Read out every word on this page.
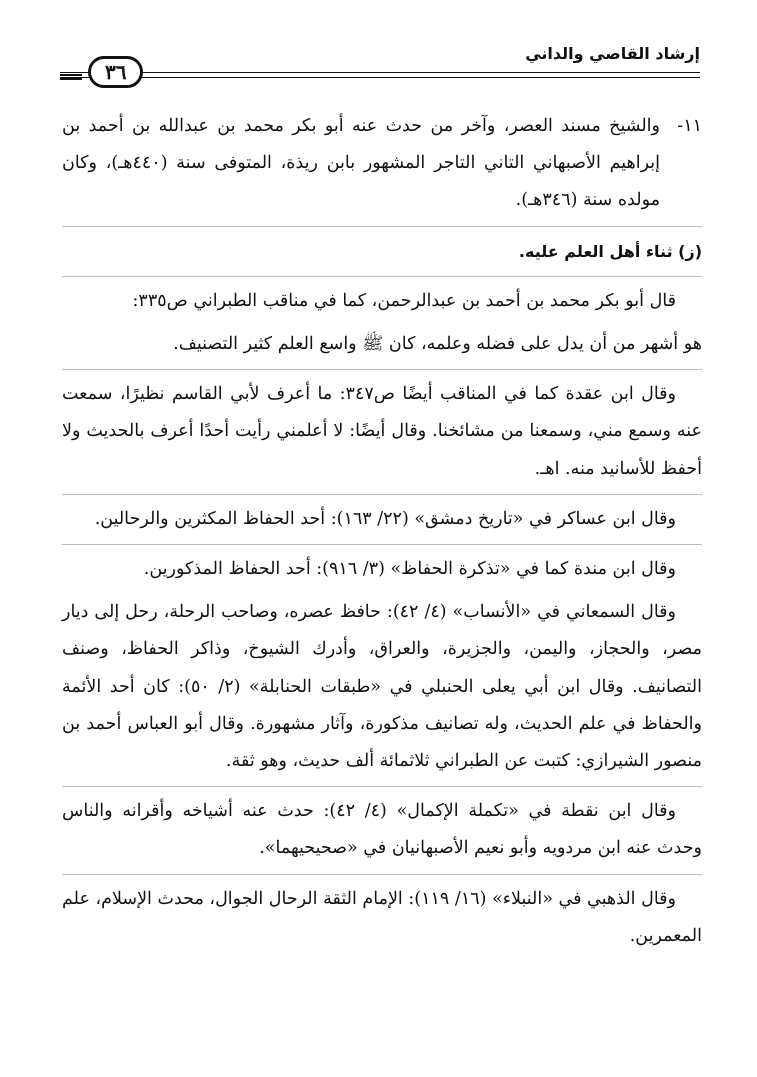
إرشاد القاصي والداني
٣٦

١١-والشيخ مسند العصر، وآخر من حدث عنه أبو بكر محمد بن عبدالله بن أحمد بن إبراهيم الأصبهاني التاني التاجر المشهور بابن ريذة، المتوفى سنة (٤٤٠هـ)، وكان مولده سنة (٣٤٦هـ).

(ز) ثناء أهل العلم عليه.

قال أبو بكر محمد بن أحمد بن عبدالرحمن، كما في مناقب الطبراني ص٣٣٥:

هو أشهر من أن يدل على فضله وعلمه، كان ﷺ واسع العلم كثير التصنيف.

وقال ابن عقدة كما في المناقب أيضًا ص٣٤٧: ما أعرف لأبي القاسم نظيرًا، سمعت عنه وسمع مني، وسمعنا من مشائخنا. وقال أيضًا: لا أعلمني رأيت أحدًا أعرف بالحديث ولا أحفظ للأسانيد منه. اهـ.

وقال ابن عساكر في «تاريخ دمشق» (٢٢/ ١٦٣): أحد الحفاظ المكثرين والرحالين.

وقال ابن مندة كما في «تذكرة الحفاظ» (٣/ ٩١٦): أحد الحفاظ المذكورين.

وقال السمعاني في «الأنساب» (٤/ ٤٢): حافظ عصره، وصاحب الرحلة، رحل إلى ديار مصر، والحجاز، واليمن، والجزيرة، والعراق، وأدرك الشيوخ، وذاكر الحفاظ، وصنف التصانيف. وقال ابن أبي يعلى الحنبلي في «طبقات الحنابلة» (٢/ ٥٠): كان أحد الأئمة والحفاظ في علم الحديث، وله تصانيف مذكورة، وآثار مشهورة. وقال أبو العباس أحمد بن منصور الشيرازي: كتبت عن الطبراني ثلاثمائة ألف حديث، وهو ثقة.

وقال ابن نقطة في «تكملة الإكمال» (٤/ ٤٢): حدث عنه أشياخه وأقرانه والناس وحدث عنه ابن مردويه وأبو نعيم الأصبهانيان في «صحيحيهما».

وقال الذهبي في «النبلاء» (١٦/ ١١٩): الإمام الثقة الرحال الجوال، محدث الإسلام، علم المعمرين.
